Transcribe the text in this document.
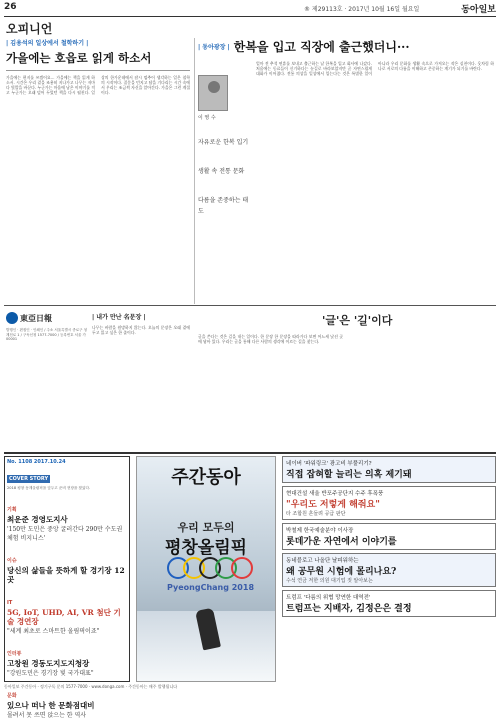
26	® 제29113호 · 2017년 10월 16일 월요일	동아일보
오피니언
| 김용석의 일상에서 철학하기 |
가을에는 호읍로 읽게 하소서
가을에는 편지를 쓰겠어요… 가을에는 책을 읽게 하소서. 시간은 우리 곁을 조용히 지나가고 나무는 저마다 빛깔을 바꾼다. 누군가는 마음에 남은 이야기를 적고 누군가는 오래 덮어 두었던 책을 다시 펼친다. 일상의 한가운데에서 잠시 멈추어 생각하는 일은 철학의 시작이다. 질문을 던지고 답을 기다리는 시간 속에서 우리는 조금씩 자신을 알아간다. 가을은 그런 계절이다.
| 동아광장 | 한복을 입고 직장에 출근했더니···
이 영 수

자유로운 한복 입기

생활 속 전통 문화

다름을 존중하는 태도

얼마 전 추석 연휴를 보내고 출근하는 날 한복을 입고 회사에 나갔다. 처음에는 동료들이 신기하다는 눈길로 바라보았지만 곧 자연스럽게 대화가 이어졌다. 전통 의상을 일상에서 입는다는 것은 특별한 일이 아니라 우리 문화를 생활 속으로 가져오는 작은 실천이다. 옷차림 하나로 서로의 다름을 이해하고 존중하는 계기가 되기를 바란다.
東亞日報
발행인 · 편집인 · 인쇄인 / 주소 서울특별시 종로구 청계천로 1 / 구독신청 1577-7000 / 등록번호 서울 가00001
| 내가 만난 名문장 |
나무는 바람을 원망하지 않는다. 오늘의 문장은 오래 곁에 두고 읽고 싶은 한 줄이다.
'글'은 '길'이다
글을 쓴다는 것은 길을 내는 일이다. 한 문장 한 문장을 따라가다 보면 어느새 낯선 곳에 닿아 있다. 우리는 글을 통해 다른 사람의 생각에 이르는 길을 찾는다.
No. 1108 2017.10.24
COVER STORY
2018 평창 동계올림픽을 앞두고 준비 현장을 찾았다.
기획
최운준 경영도지사
'150만 도민은 중앙 굴러간다 290만 수도권 체험 비지니스'
이슈
당신의 삶들을 뜻하게 할 경기장 12곳
IT
5G, IoT, UHD, AI, VR 첨단 기술 경연장
"세계 최초로 스마트한 올림픽이죠"
인터뷰
고창원 경동도지도지청장
"강원도민은 경기장 빛 국가대표"
문화
있으나 떠나 한 문화점대비
몰려서 못 쓰면 앉으는 한 역사
주간동아
우리 모두의
평창올림픽
PyeongChang 2018
네이버 '파워링크' 광고비 부풀리기?
직접 잡혀할 늘리는 의혹 제기돼
현대건설 새울 반포주공단지 수주 후폭풍
"우리도 저렇게 해줘요"
타 조합원 흔들려 공급 판단
박철제 한국예술분야 이사장
롯데가운 자연에서 이야기를
동네블로고 나올단 날피워하는
왜 공무원 시험에 몰리나요?
수석 연금 저한 의원 대기업 짓 알아보는
트럼프 '다름의 위협 망연한 대역전'
트럼프는 지배자, 김정은은 결정
동아일보 주간동아 · 정기구독 문의 1577-7000 · www.donga.com · 주간동아는 매주 발행됩니다
